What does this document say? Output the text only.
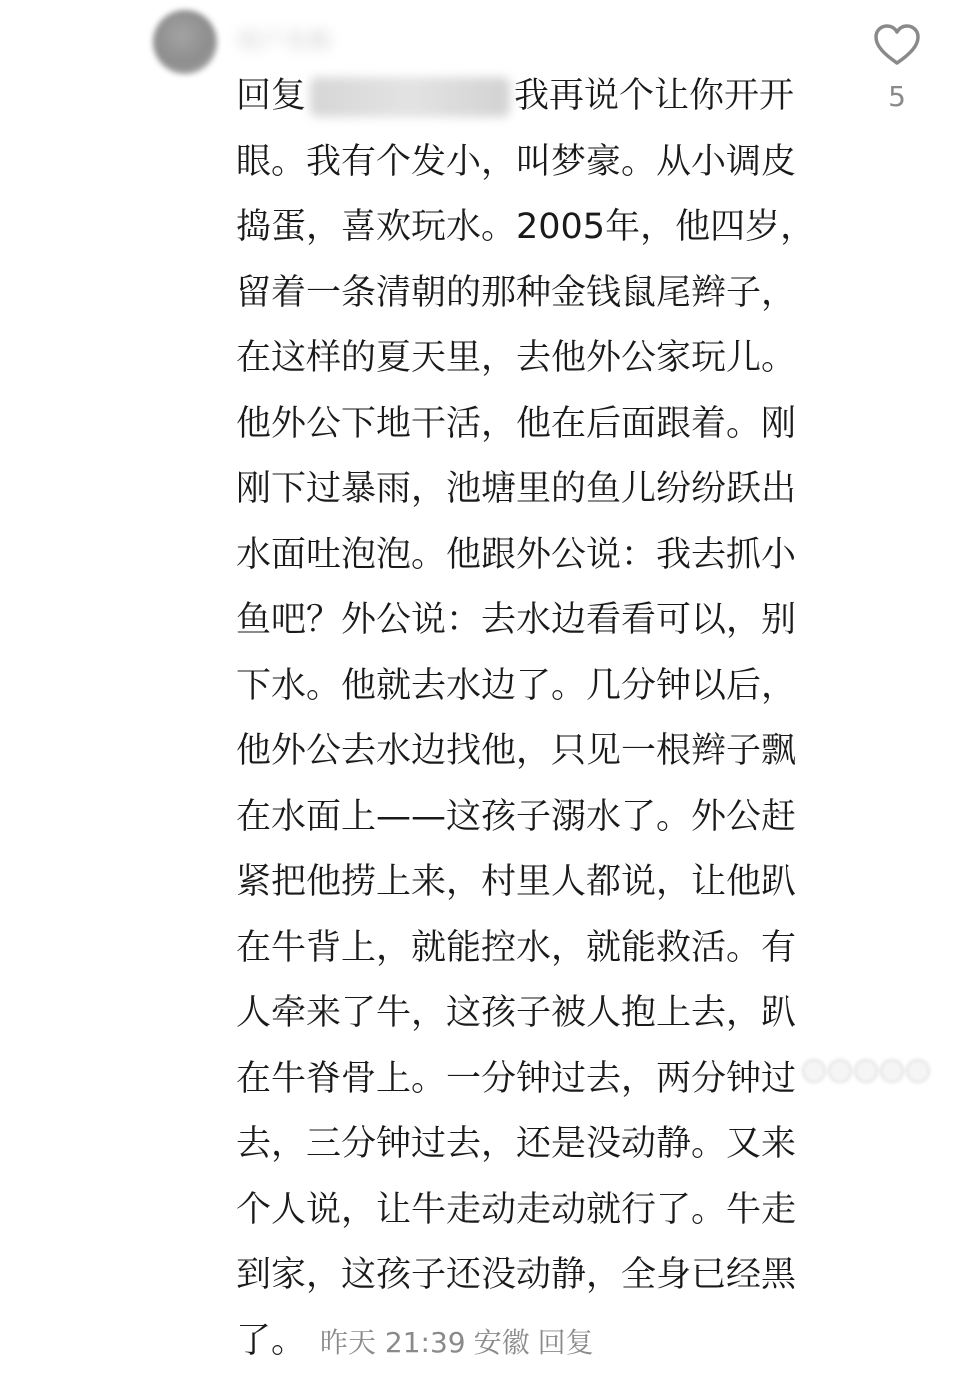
用户名称
5
回复	我再说个让你开开眼。我有个发小，叫梦豪。从小调皮捣蛋，喜欢玩水。2005年，他四岁，留着一条清朝的那种金钱鼠尾辫子，在这样的夏天里，去他外公家玩儿。他外公下地干活，他在后面跟着。刚刚下过暴雨，池塘里的鱼儿纷纷跃出水面吐泡泡。他跟外公说：我去抓小鱼吧？外公说：去水边看看可以，别下水。他就去水边了。几分钟以后，他外公去水边找他，只见一根辫子飘在水面上——这孩子溺水了。外公赶紧把他捞上来，村里人都说，让他趴在牛背上，就能控水，就能救活。有人牵来了牛，这孩子被人抱上去，趴在牛脊骨上。一分钟过去，两分钟过去，三分钟过去，还是没动静。又来个人说，让牛走动走动就行了。牛走到家，这孩子还没动静，全身已经黑了。 昨天 21:39 安徽 回复
